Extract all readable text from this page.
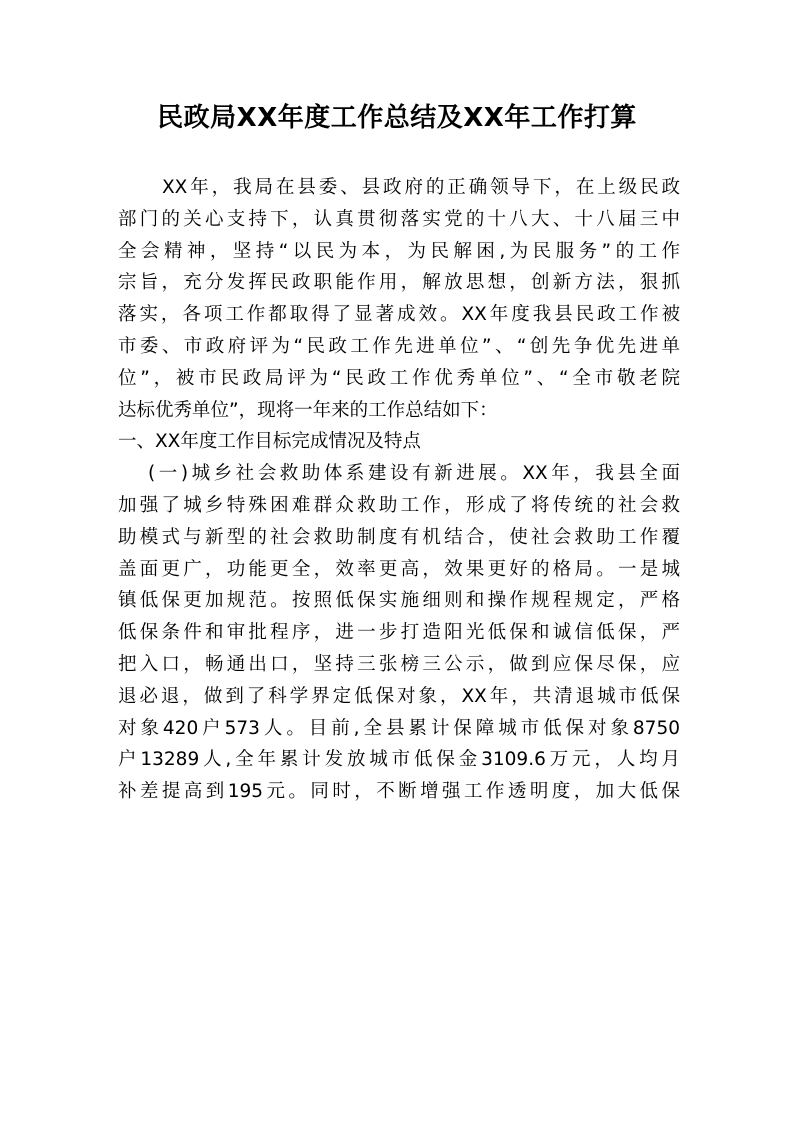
民政局XX年度工作总结及XX年工作打算
XX年，我局在县委、县政府的正确领导下，在上级民政
部门的关心支持下，认真贯彻落实党的十八大、十八届三中
全会精神，坚持“以民为本，为民解困,为民服务”的工作
宗旨，充分发挥民政职能作用，解放思想，创新方法，狠抓
落实，各项工作都取得了显著成效。XX年度我县民政工作被
市委、市政府评为“民政工作先进单位”、“创先争优先进单
位”，被市民政局评为“民政工作优秀单位”、“全市敬老院
达标优秀单位”，现将一年来的工作总结如下：
一、XX年度工作目标完成情况及特点
(一)城乡社会救助体系建设有新进展。XX年，我县全面
加强了城乡特殊困难群众救助工作，形成了将传统的社会救
助模式与新型的社会救助制度有机结合，使社会救助工作覆
盖面更广，功能更全，效率更高，效果更好的格局。一是城
镇低保更加规范。按照低保实施细则和操作规程规定，严格
低保条件和审批程序，进一步打造阳光低保和诚信低保，严
把入口，畅通出口，坚持三张榜三公示，做到应保尽保，应
退必退，做到了科学界定低保对象，XX年，共清退城市低保
对象420户573人。目前,全县累计保障城市低保对象8750
户13289人,全年累计发放城市低保金3109.6万元，人均月
补差提高到195元。同时，不断增强工作透明度，加大低保
